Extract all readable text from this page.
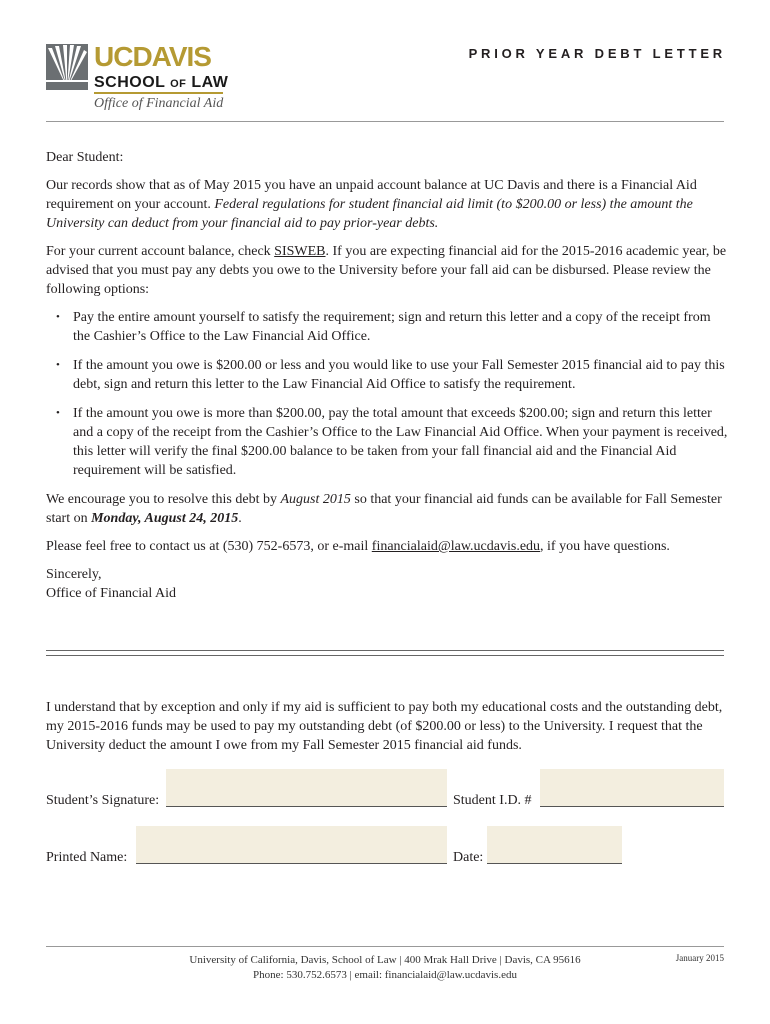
UCDAVIS
SCHOOL OF LAW
Office of Financial Aid
PRIOR YEAR DEBT LETTER

Dear Student:

Our records show that as of May 2015 you have an unpaid account balance at UC Davis and there is a Financial Aid requirement on your account. Federal regulations for student financial aid limit (to $200.00 or less) the amount the University can deduct from your financial aid to pay prior-year debts.

For your current account balance, check SISWEB. If you are expecting financial aid for the 2015-2016 academic year, be advised that you must pay any debts you owe to the University before your fall aid can be disbursed. Please review the following options:

• Pay the entire amount yourself to satisfy the requirement; sign and return this letter and a copy of the receipt from the Cashier’s Office to the Law Financial Aid Office.
• If the amount you owe is $200.00 or less and you would like to use your Fall Semester 2015 financial aid to pay this debt, sign and return this letter to the Law Financial Aid Office to satisfy the requirement.
• If the amount you owe is more than $200.00, pay the total amount that exceeds $200.00; sign and return this letter and a copy of the receipt from the Cashier’s Office to the Law Financial Aid Office. When your payment is received, this letter will verify the final $200.00 balance to be taken from your fall financial aid and the Financial Aid requirement will be satisfied.

We encourage you to resolve this debt by August 2015 so that your financial aid funds can be available for Fall Semester start on Monday, August 24, 2015.

Please feel free to contact us at (530) 752-6573, or e-mail financialaid@law.ucdavis.edu, if you have questions.

Sincerely,

Office of Financial Aid

I understand that by exception and only if my aid is sufficient to pay both my educational costs and the outstanding debt, my 2015-2016 funds may be used to pay my outstanding debt (of $200.00 or less) to the University. I request that the University deduct the amount I owe from my Fall Semester 2015 financial aid funds.
Student’s Signature:	Student I.D. #
Printed Name:	Date:
University of California, Davis, School of Law | 400 Mrak Hall Drive | Davis, CA 95616
Phone: 530.752.6573 | email: financialaid@law.ucdavis.edu
January 2015
